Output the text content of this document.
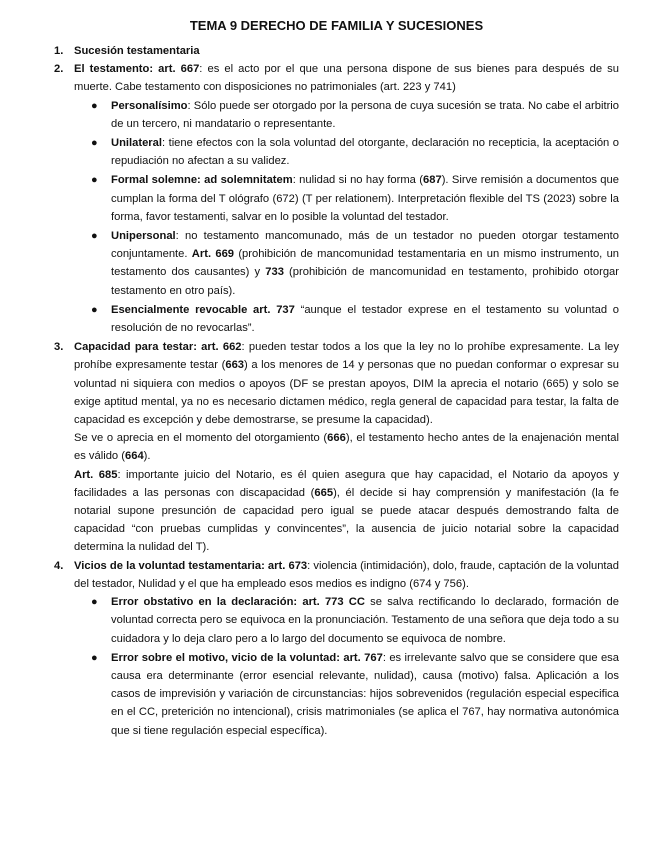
TEMA 9 DERECHO DE FAMILIA Y SUCESIONES
1. Sucesión testamentaria
2. El testamento: art. 667: es el acto por el que una persona dispone de sus bienes para después de su muerte. Cabe testamento con disposiciones no patrimoniales (art. 223 y 741)

● Personalísimo: Sólo puede ser otorgado por la persona de cuya sucesión se trata. No cabe el arbitrio de un tercero, ni mandatario o representante.
● Unilateral: tiene efectos con la sola voluntad del otorgante, declaración no recepticia, la aceptación o repudiación no afectan a su validez.
● Formal solemne: ad solemnitatem: nulidad si no hay forma (687). Sirve remisión a documentos que cumplan la forma del T ológrafo (672) (T per relationem). Interpretación flexible del TS (2023) sobre la forma, favor testamenti, salvar en lo posible la voluntad del testador.
● Unipersonal: no testamento mancomunado, más de un testador no pueden otorgar testamento conjuntamente. Art. 669 (prohibición de mancomunidad testamentaria en un mismo instrumento, un testamento dos causantes) y 733 (prohibición de mancomunidad en testamento, prohibido otorgar testamento en otro país).
● Esencialmente revocable art. 737 “aunque el testador exprese en el testamento su voluntad o resolución de no revocarlas”.
3. Capacidad para testar: art. 662: pueden testar todos a los que la ley no lo prohíbe expresamente. La ley prohíbe expresamente testar (663) a los menores de 14 y personas que no puedan conformar o expresar su voluntad ni siquiera con medios o apoyos (DF se prestan apoyos, DIM la aprecia el notario (665) y solo se exige aptitud mental, ya no es necesario dictamen médico, regla general de capacidad para testar, la falta de capacidad es excepción y debe demostrarse, se presume la capacidad).

Se ve o aprecia en el momento del otorgamiento (666), el testamento hecho antes de la enajenación mental es válido (664).

Art. 685: importante juicio del Notario, es él quien asegura que hay capacidad, el Notario da apoyos y facilidades a las personas con discapacidad (665), él decide si hay comprensión y manifestación (la fe notarial supone presunción de capacidad pero igual se puede atacar después demostrando falta de capacidad “con pruebas cumplidas y convincentes”, la ausencia de juicio notarial sobre la capacidad determina la nulidad del T).

4. Vicios de la voluntad testamentaria: art. 673: violencia (intimidación), dolo, fraude, captación de la voluntad del testador, Nulidad y el que ha empleado esos medios es indigno (674 y 756).

● Error obstativo en la declaración: art. 773 CC se salva rectificando lo declarado, formación de voluntad correcta pero se equivoca en la pronunciación. Testamento de una señora que deja todo a su cuidadora y lo deja claro pero a lo largo del documento se equivoca de nombre.
● Error sobre el motivo, vicio de la voluntad: art. 767: es irrelevante salvo que se considere que esa causa era determinante (error esencial relevante, nulidad), causa (motivo) falsa. Aplicación a los casos de imprevisión y variación de circunstancias: hijos sobrevenidos (regulación especial especifica en el CC, preterición no intencional), crisis matrimoniales (se aplica el 767, hay normativa autonómica que si tiene regulación especial específica).
